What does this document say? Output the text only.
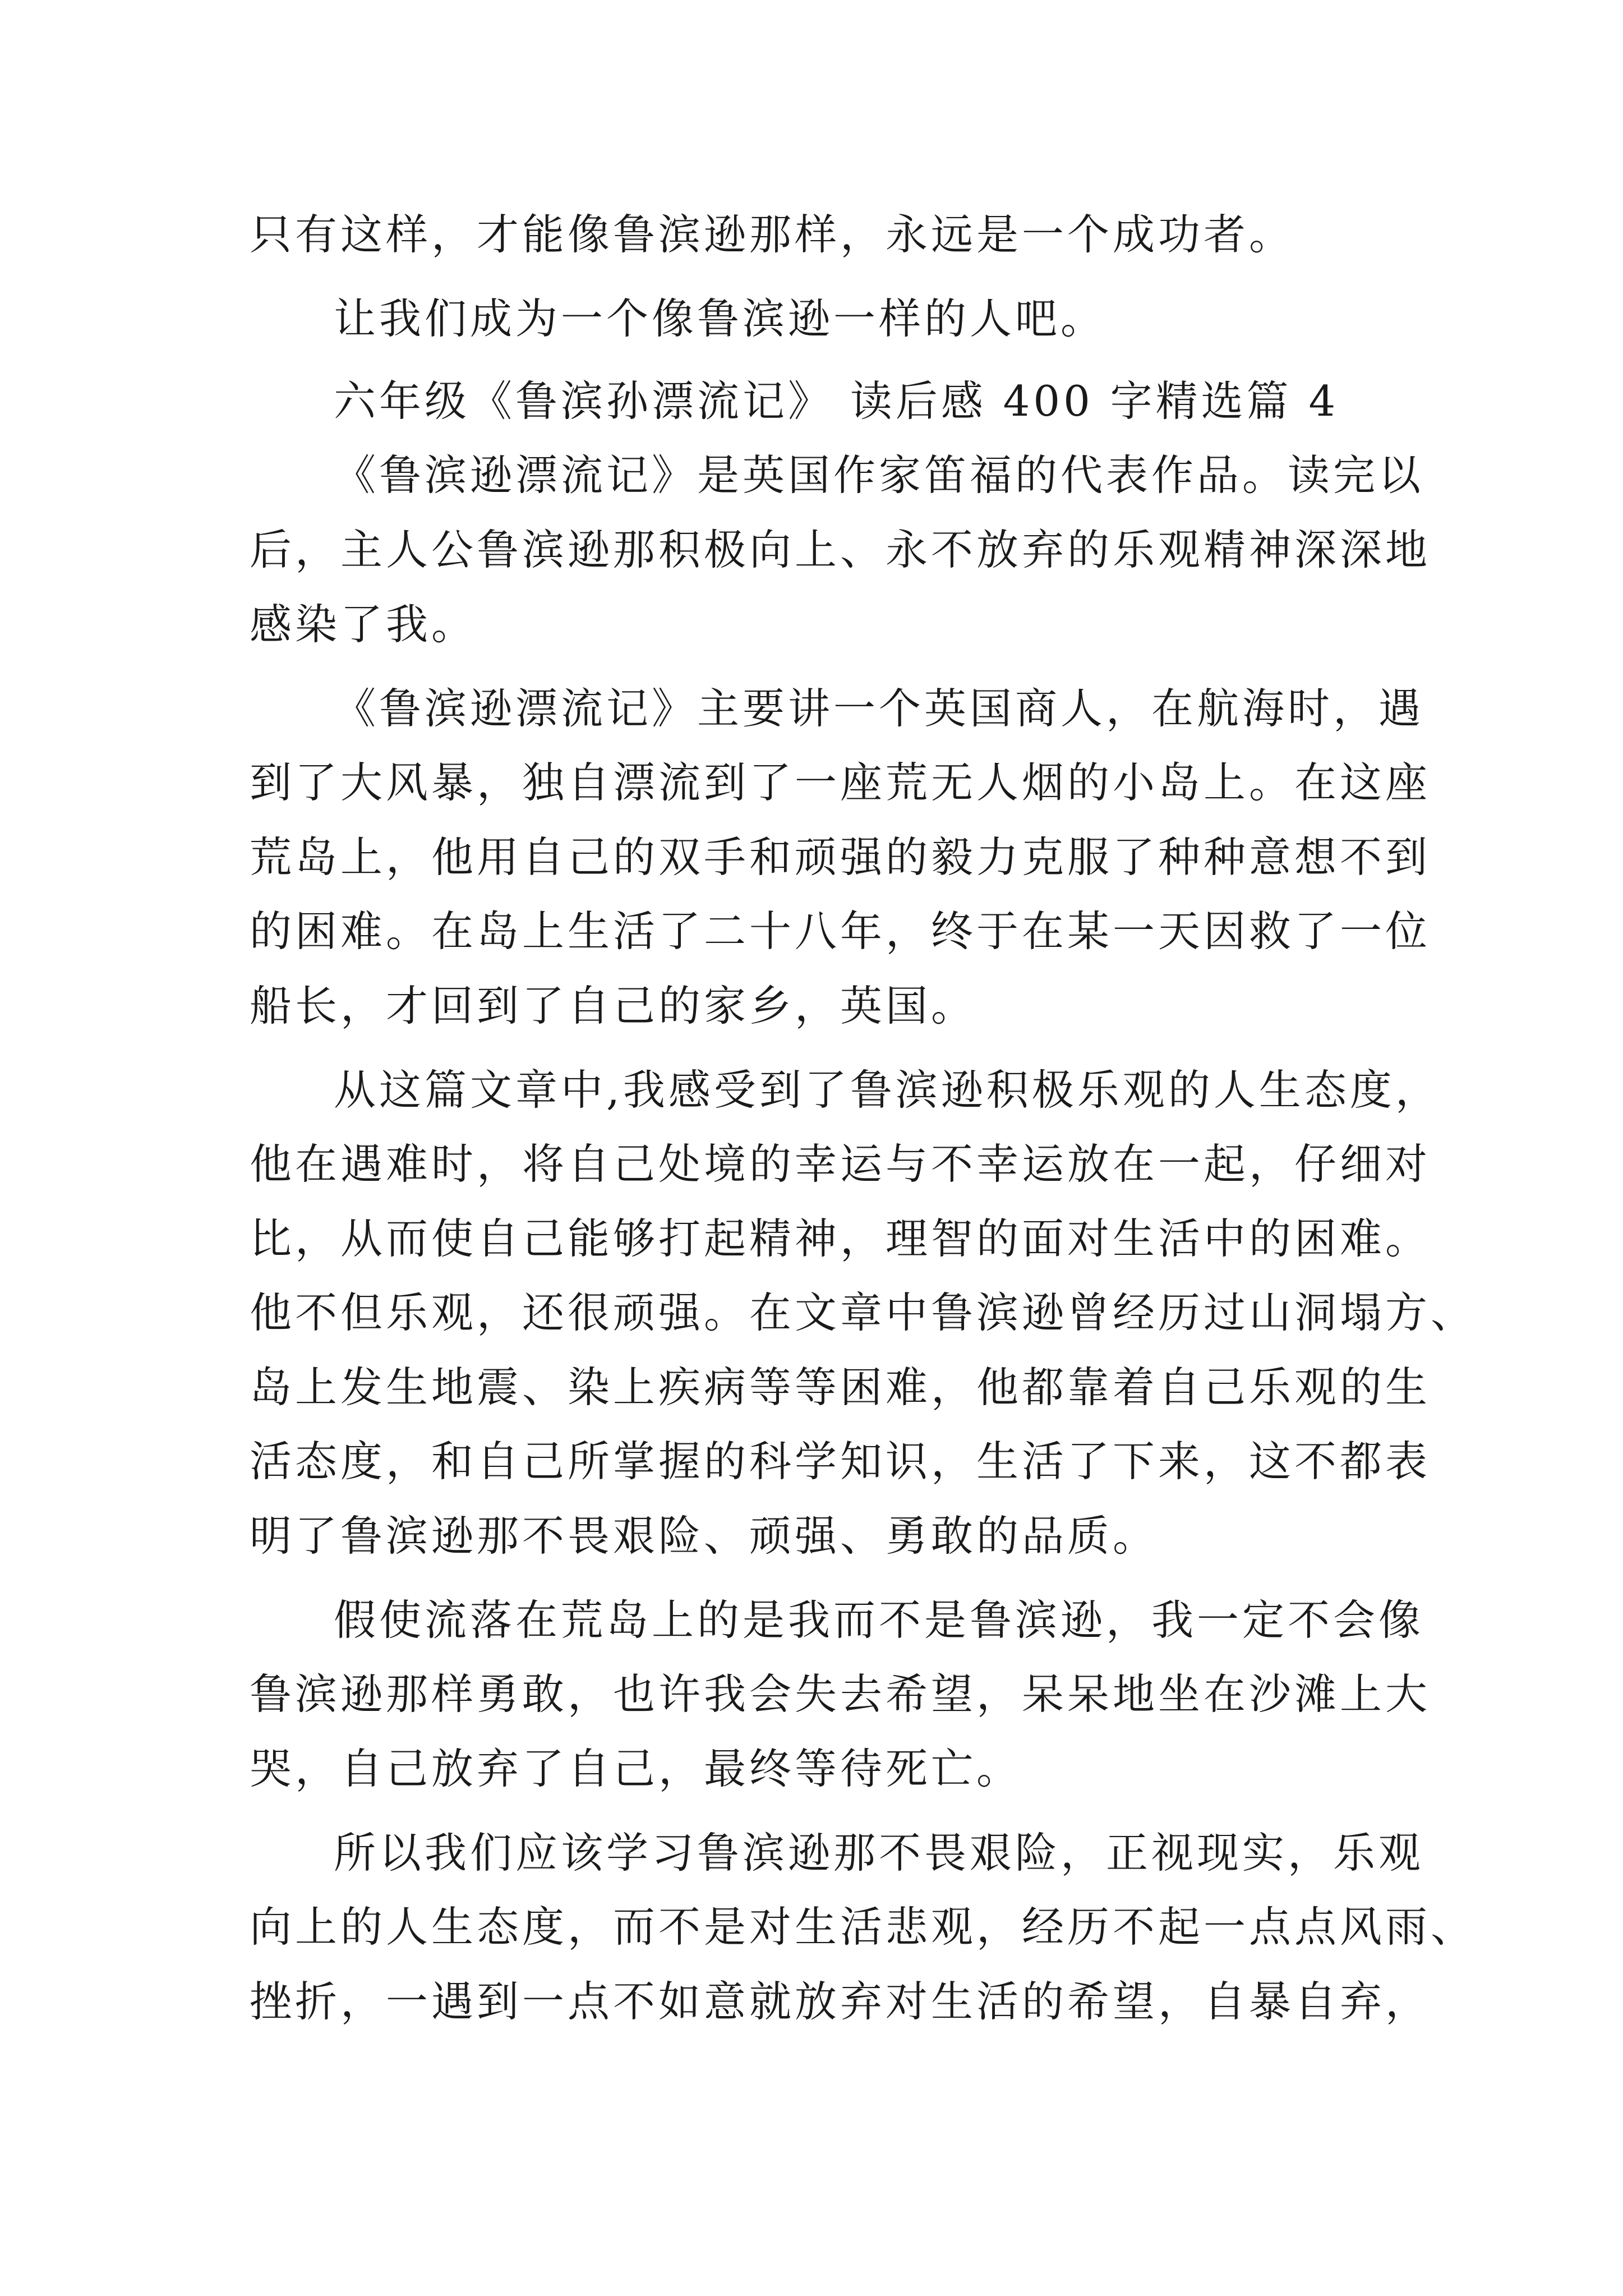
只有这样，才能像鲁滨逊那样，永远是一个成功者。
让我们成为一个像鲁滨逊一样的人吧。
六年级《鲁滨孙漂流记》 读后感 400 字精选篇 4
《鲁滨逊漂流记》是英国作家笛福的代表作品。读完以
后，主人公鲁滨逊那积极向上、永不放弃的乐观精神深深地
感染了我。
《鲁滨逊漂流记》主要讲一个英国商人，在航海时，遇
到了大风暴，独自漂流到了一座荒无人烟的小岛上。在这座
荒岛上，他用自己的双手和顽强的毅力克服了种种意想不到
的困难。在岛上生活了二十八年，终于在某一天因救了一位
船长，才回到了自己的家乡，英国。
从这篇文章中,我感受到了鲁滨逊积极乐观的人生态度，
他在遇难时，将自己处境的幸运与不幸运放在一起，仔细对
比，从而使自己能够打起精神，理智的面对生活中的困难。
他不但乐观，还很顽强。在文章中鲁滨逊曾经历过山洞塌方、
岛上发生地震、染上疾病等等困难，他都靠着自己乐观的生
活态度，和自己所掌握的科学知识，生活了下来，这不都表
明了鲁滨逊那不畏艰险、顽强、勇敢的品质。
假使流落在荒岛上的是我而不是鲁滨逊，我一定不会像
鲁滨逊那样勇敢，也许我会失去希望，呆呆地坐在沙滩上大
哭，自己放弃了自己，最终等待死亡。
所以我们应该学习鲁滨逊那不畏艰险，正视现实，乐观
向上的人生态度，而不是对生活悲观，经历不起一点点风雨、
挫折，一遇到一点不如意就放弃对生活的希望，自暴自弃，
